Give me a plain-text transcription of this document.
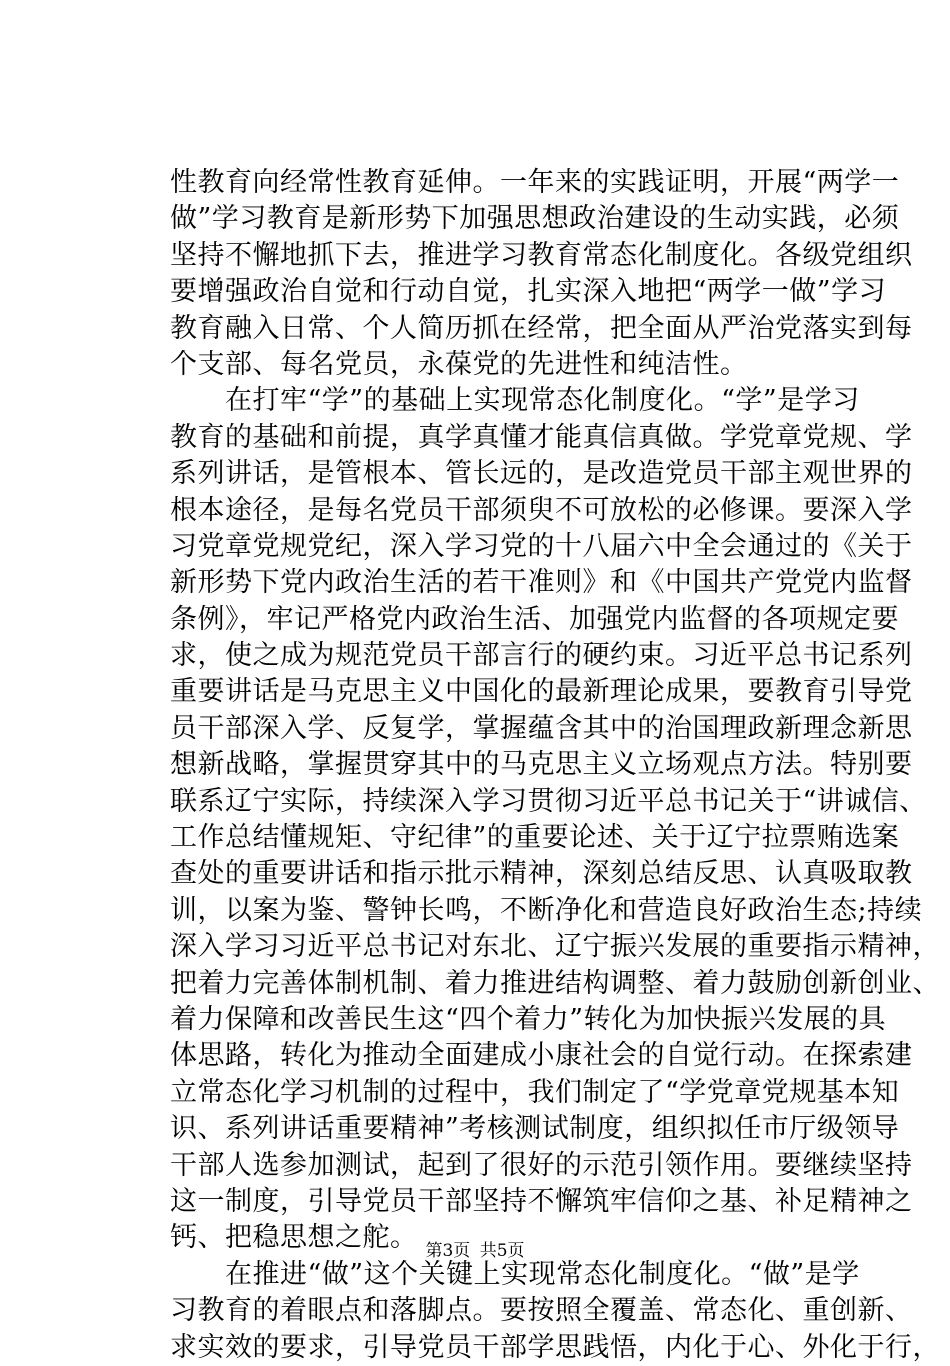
性教育向经常性教育延伸。一年来的实践证明，开展“两学一
做”学习教育是新形势下加强思想政治建设的生动实践，必须
坚持不懈地抓下去，推进学习教育常态化制度化。各级党组织
要增强政治自觉和行动自觉，扎实深入地把“两学一做”学习
教育融入日常、个人简历抓在经常，把全面从严治党落实到每
个支部、每名党员，永葆党的先进性和纯洁性。
　　在打牢“学”的基础上实现常态化制度化。“学”是学习
教育的基础和前提，真学真懂才能真信真做。学党章党规、学
系列讲话，是管根本、管长远的，是改造党员干部主观世界的
根本途径，是每名党员干部须臾不可放松的必修课。要深入学
习党章党规党纪，深入学习党的十八届六中全会通过的《关于
新形势下党内政治生活的若干准则》和《中国共产党党内监督
条例》，牢记严格党内政治生活、加强党内监督的各项规定要
求，使之成为规范党员干部言行的硬约束。习近平总书记系列
重要讲话是马克思主义中国化的最新理论成果，要教育引导党
员干部深入学、反复学，掌握蕴含其中的治国理政新理念新思
想新战略，掌握贯穿其中的马克思主义立场观点方法。特别要
联系辽宁实际，持续深入学习贯彻习近平总书记关于“讲诚信、
工作总结懂规矩、守纪律”的重要论述、关于辽宁拉票贿选案
查处的重要讲话和指示批示精神，深刻总结反思、认真吸取教
训，以案为鉴、警钟长鸣，不断净化和营造良好政治生态;持续
深入学习习近平总书记对东北、辽宁振兴发展的重要指示精神，
把着力完善体制机制、着力推进结构调整、着力鼓励创新创业、
着力保障和改善民生这“四个着力”转化为加快振兴发展的具
体思路，转化为推动全面建成小康社会的自觉行动。在探索建
立常态化学习机制的过程中，我们制定了“学党章党规基本知
识、系列讲话重要精神”考核测试制度，组织拟任市厅级领导
干部人选参加测试，起到了很好的示范引领作用。要继续坚持
这一制度，引导党员干部坚持不懈筑牢信仰之基、补足精神之
钙、把稳思想之舵。
　　在推进“做”这个关键上实现常态化制度化。“做”是学
习教育的着眼点和落脚点。要按照全覆盖、常态化、重创新、
求实效的要求，引导党员干部学思践悟，内化于心、外化于行，
第3页 共5页
